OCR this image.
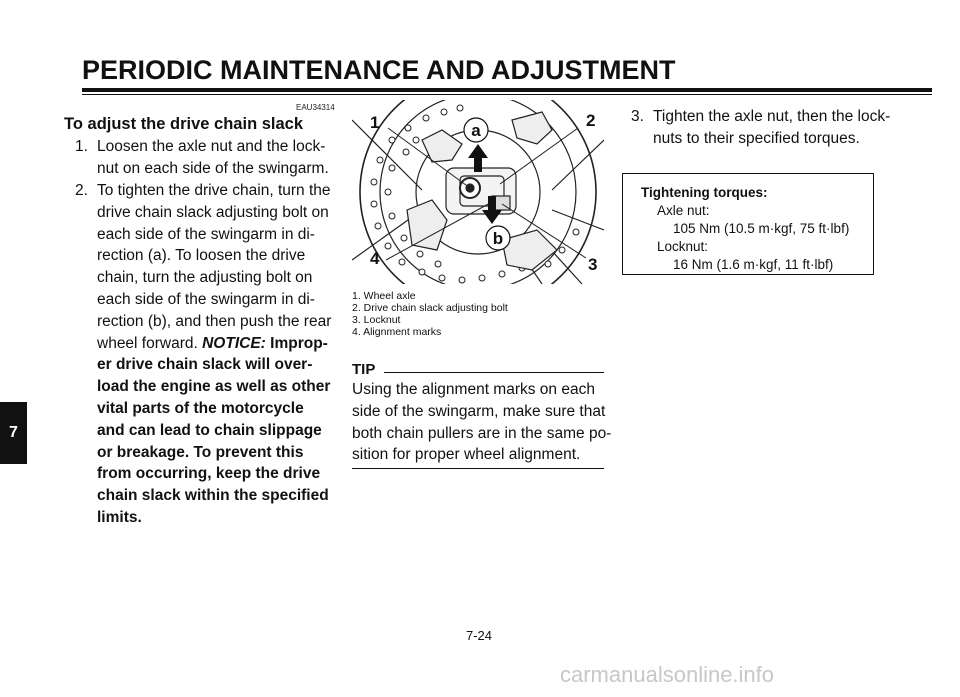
PERIODIC MAINTENANCE AND ADJUSTMENT
7
EAU34314
To adjust the drive chain slack
1. Loosen the axle nut and the lock-
nut on each side of the swingarm.
2. To tighten the drive chain, turn the
drive chain slack adjusting bolt on
each side of the swingarm in di-
rection (a). To loosen the drive
chain, turn the adjusting bolt on
each side of the swingarm in di-
rection (b), and then push the rear
wheel forward. NOTICE: Improp-
er drive chain slack will over-
load the engine as well as other
vital parts of the motorcycle
and can lead to chain slippage
or breakage. To prevent this
from occurring, keep the drive
chain slack within the specified
limits.
a
b
1	2
3
4
1. Wheel axle
2. Drive chain slack adjusting bolt
3. Locknut
4. Alignment marks
TIP
Using the alignment marks on each
side of the swingarm, make sure that
both chain pullers are in the same po-
sition for proper wheel alignment.
3. Tighten the axle nut, then the lock-
nuts to their specified torques.
Tightening torques:
Axle nut:
105 Nm (10.5 m·kgf, 75 ft·lbf)
Locknut:
16 Nm (1.6 m·kgf, 11 ft·lbf)
7-24
carmanualsonline.info
